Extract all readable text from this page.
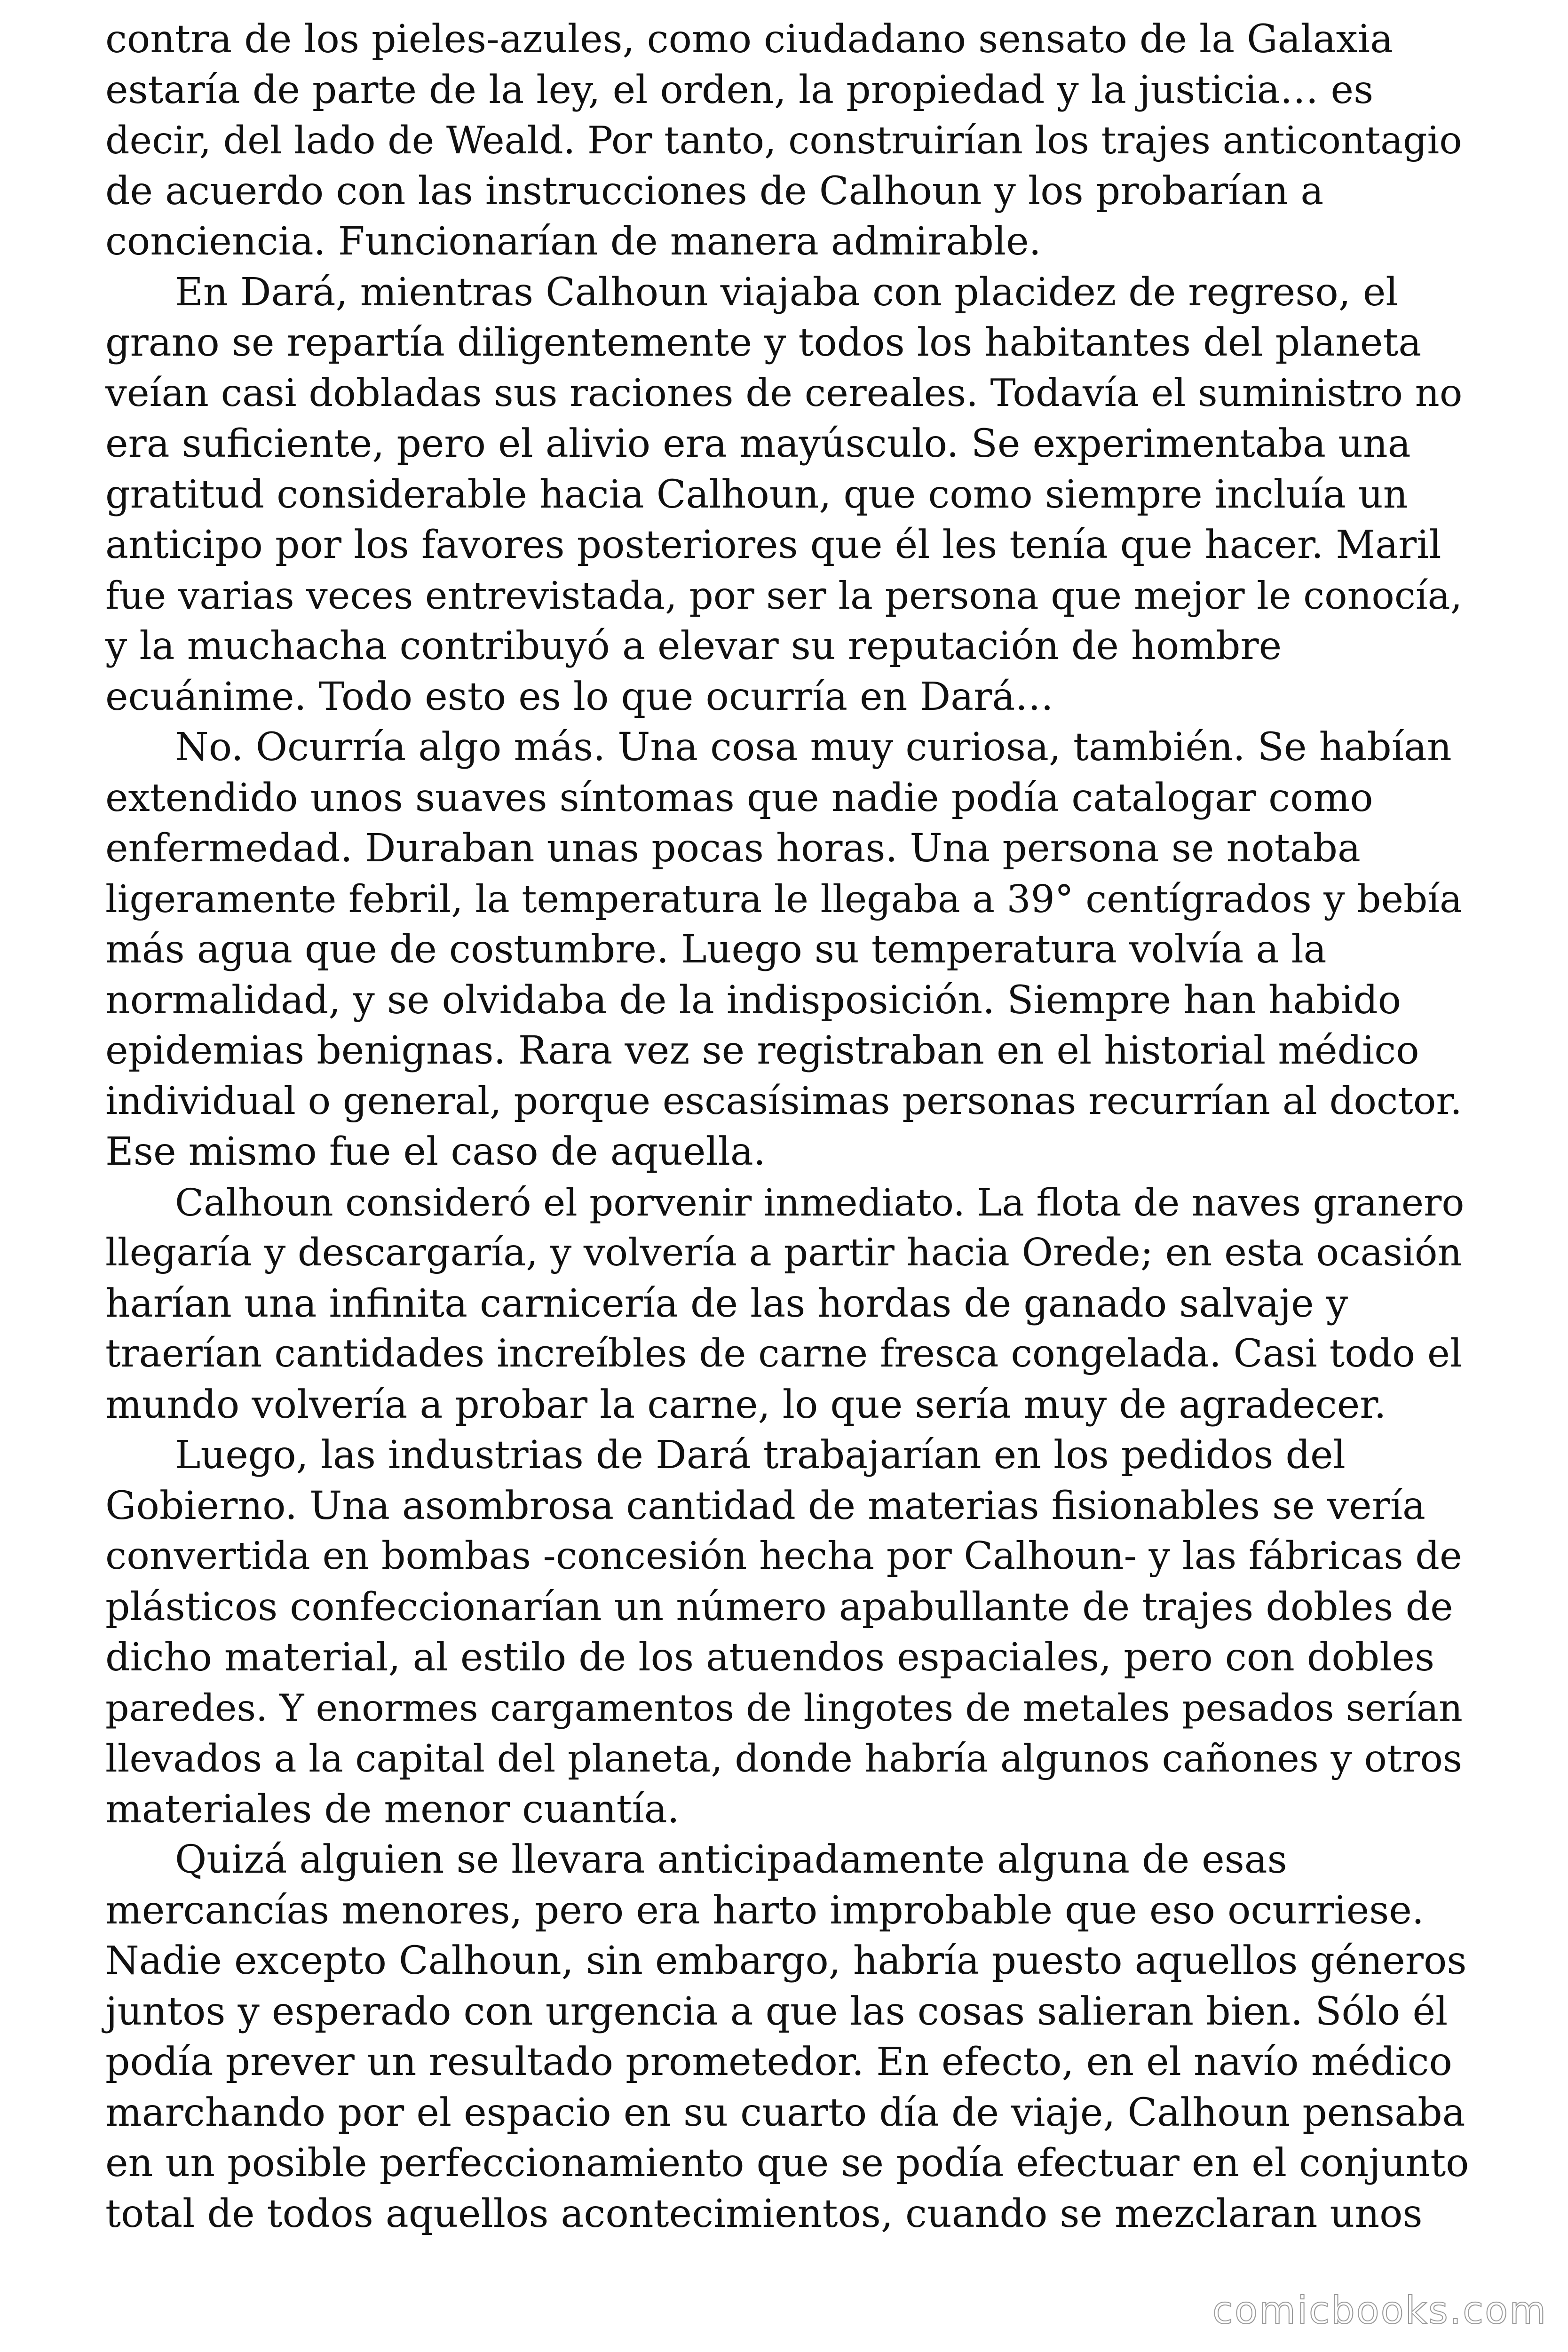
contra de los pieles-azules, como ciudadano sensato de la Galaxia
estaría de parte de la ley, el orden, la propiedad y la justicia… es
decir, del lado de Weald. Por tanto, construirían los trajes anticontagio
de acuerdo con las instrucciones de Calhoun y los probarían a
conciencia. Funcionarían de manera admirable.

En Dará, mientras Calhoun viajaba con placidez de regreso, el
grano se repartía diligentemente y todos los habitantes del planeta
veían casi dobladas sus raciones de cereales. Todavía el suministro no
era suficiente, pero el alivio era mayúsculo. Se experimentaba una
gratitud considerable hacia Calhoun, que como siempre incluía un
anticipo por los favores posteriores que él les tenía que hacer. Maril
fue varias veces entrevistada, por ser la persona que mejor le conocía,
y la muchacha contribuyó a elevar su reputación de hombre
ecuánime. Todo esto es lo que ocurría en Dará…

No. Ocurría algo más. Una cosa muy curiosa, también. Se habían
extendido unos suaves síntomas que nadie podía catalogar como
enfermedad. Duraban unas pocas horas. Una persona se notaba
ligeramente febril, la temperatura le llegaba a 39° centígrados y bebía
más agua que de costumbre. Luego su temperatura volvía a la
normalidad, y se olvidaba de la indisposición. Siempre han habido
epidemias benignas. Rara vez se registraban en el historial médico
individual o general, porque escasísimas personas recurrían al doctor.
Ese mismo fue el caso de aquella.

Calhoun consideró el porvenir inmediato. La flota de naves granero
llegaría y descargaría, y volvería a partir hacia Orede; en esta ocasión
harían una infinita carnicería de las hordas de ganado salvaje y
traerían cantidades increíbles de carne fresca congelada. Casi todo el
mundo volvería a probar la carne, lo que sería muy de agradecer.

Luego, las industrias de Dará trabajarían en los pedidos del
Gobierno. Una asombrosa cantidad de materias fisionables se vería
convertida en bombas -concesión hecha por Calhoun- y las fábricas de
plásticos confeccionarían un número apabullante de trajes dobles de
dicho material, al estilo de los atuendos espaciales, pero con dobles
paredes. Y enormes cargamentos de lingotes de metales pesados serían
llevados a la capital del planeta, donde habría algunos cañones y otros
materiales de menor cuantía.

Quizá alguien se llevara anticipadamente alguna de esas
mercancías menores, pero era harto improbable que eso ocurriese.
Nadie excepto Calhoun, sin embargo, habría puesto aquellos géneros
juntos y esperado con urgencia a que las cosas salieran bien. Sólo él
podía prever un resultado prometedor. En efecto, en el navío médico
marchando por el espacio en su cuarto día de viaje, Calhoun pensaba
en un posible perfeccionamiento que se podía efectuar en el conjunto
total de todos aquellos acontecimientos, cuando se mezclaran unos

comicbooks.com
